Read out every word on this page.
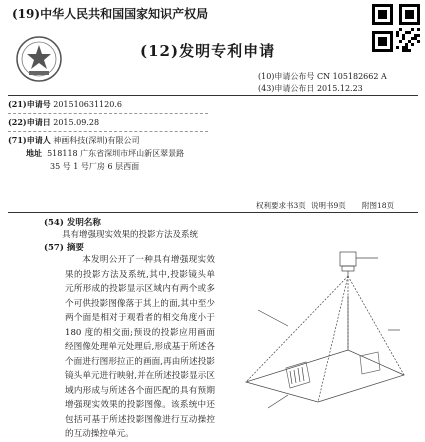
(19)中华人民共和国国家知识产权局
(12)发明专利申请
(10)申请公布号 CN 105182662 A
(43)申请公布日 2015.12.23
(21)申请号 201510631120.6
(22)申请日 2015.09.28
(71)申请人 神画科技(深圳)有限公司
地址 518118 广东省深圳市坪山新区翠景路
35 号 1 号厂房 6 层西面
权利要求书3页 说明书9页 附图18页
(54) 发明名称
具有增强现实效果的投影方法及系统
(57) 摘要
本发明公开了一种具有增强现实效果的投影方法及系统,其中,投影镜头单元所形成的投影显示区域内有两个或多个可供投影图像落于其上的面,其中至少两个面是相对于观看者的相交角度小于 180 度的相交面;预设的投影应用画面经图像处理单元处理后,形成基于所述各个面进行图形拉正的画面,再由所述投影镜头单元进行映射,并在所述投影显示区域内形成与所述各个面匹配的具有预期增强现实效果的投影图像。该系统中还包括可基于所述投影图像进行互动操控的互动操控单元。
